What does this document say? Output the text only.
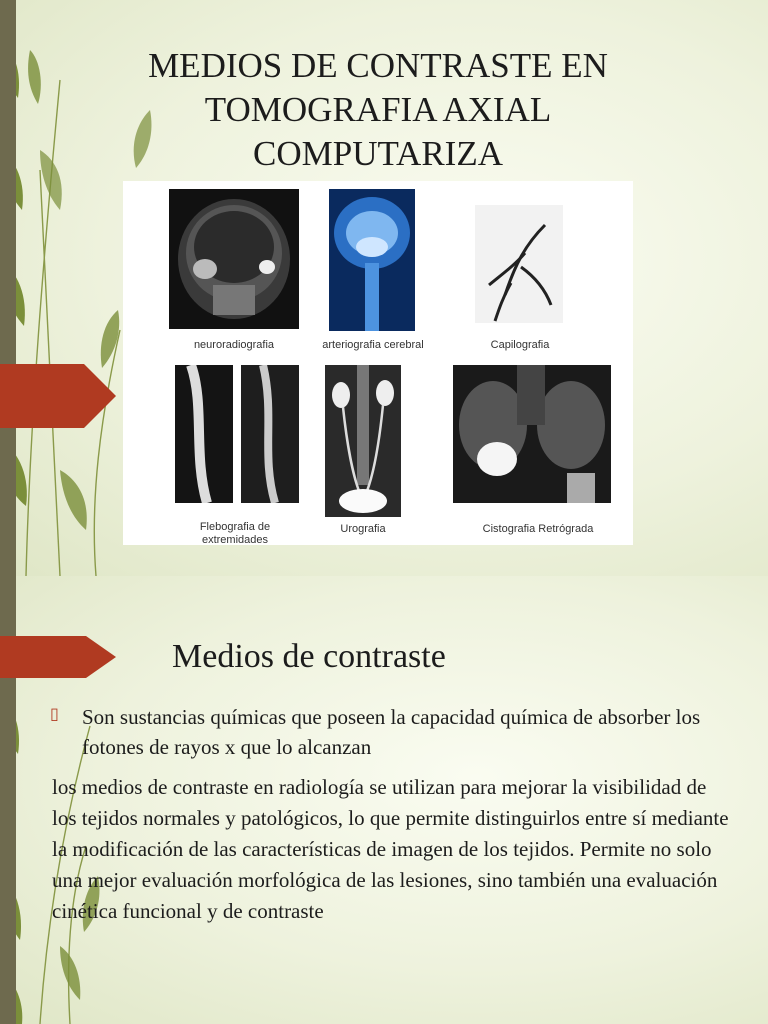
MEDIOS DE CONTRASTE EN TOMOGRAFIA AXIAL COMPUTARIZA
neuroradiografia	arteriografia cerebral	Capilografia
Flebografia de extremidades
Urografia	Cistografia Retrógrada
Medios de contraste
▯ Son sustancias químicas que poseen la capacidad química de absorber los fotones de rayos x que lo alcanzan
los medios de contraste en radiología se utilizan para mejorar la visibilidad de los tejidos normales y patológicos, lo que permite distinguirlos entre sí mediante la modificación de las características de imagen de los tejidos. Permite no solo una mejor evaluación morfológica de las lesiones, sino también una evaluación cinética funcional y de contraste
